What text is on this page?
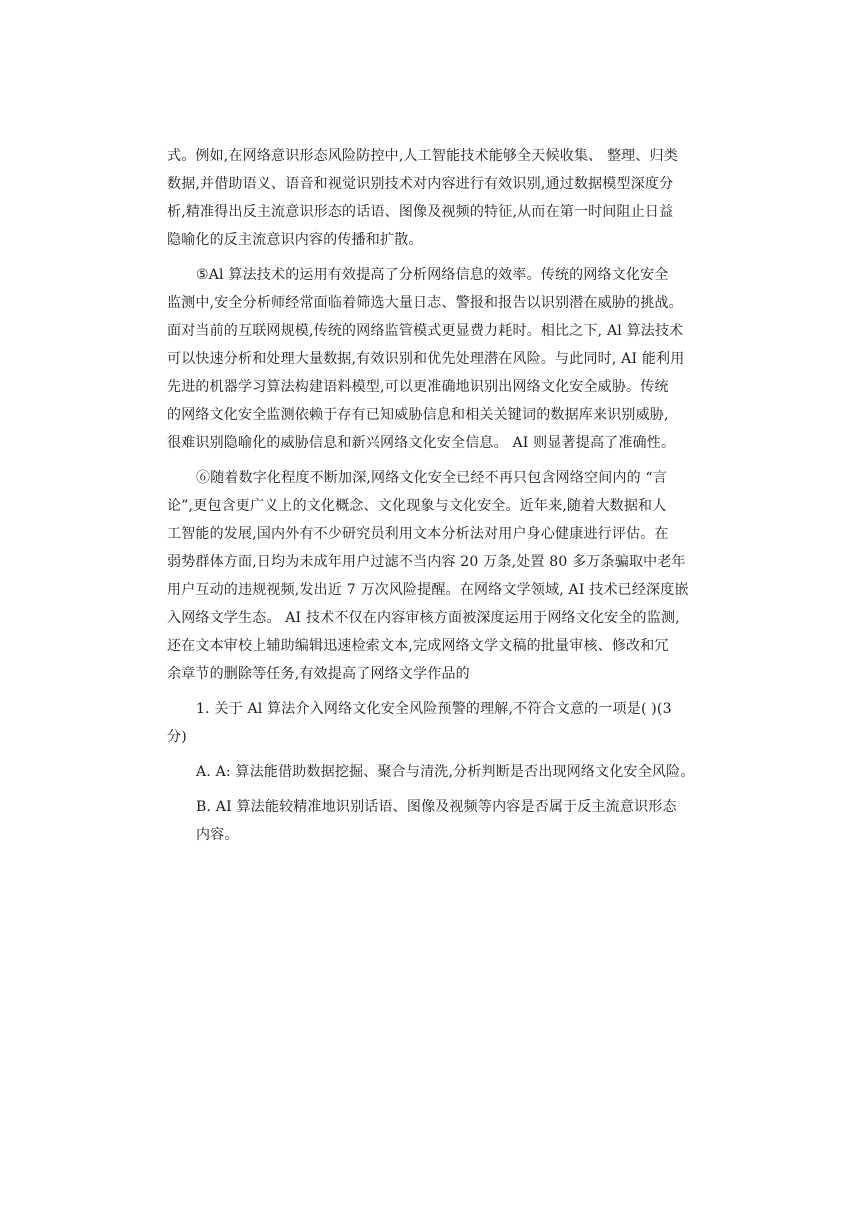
式。例如,在网络意识形态风险防控中,人工智能技术能够全天候收集、 整理、归类
数据,并借助语义、语音和视觉识别技术对内容进行有效识别,通过数据模型深度分
析,精准得出反主流意识形态的话语、图像及视频的特征,从而在第一时间阻止日益
隐喻化的反主流意识内容的传播和扩散。
⑤Al 算法技术的运用有效提高了分析网络信息的效率。传统的网络文化安全
监测中,安全分析师经常面临着筛选大量日志、警报和报告以识别潜在威胁的挑战。
面对当前的互联网规模,传统的网络监管模式更显费力耗时。相比之下, Al 算法技术
可以快速分析和处理大量数据,有效识别和优先处理潜在风险。与此同时, AI 能利用
先进的机器学习算法构建语料模型,可以更准确地识别出网络文化安全威胁。传统
的网络文化安全监测依赖于存有已知威胁信息和相关关键词的数据库来识别威胁,
很难识别隐喻化的威胁信息和新兴网络文化安全信息。 AI 则显著提高了准确性。
⑥随着数字化程度不断加深,网络文化安全已经不再只包含网络空间内的 “言
论”,更包含更广义上的文化概念、文化现象与文化安全。近年来,随着大数据和人
工智能的发展,国内外有不少研究员利用文本分析法对用户身心健康进行评估。在
弱势群体方面,日均为未成年用户过滤不当内容 20 万条,处置 80 多万条骗取中老年
用户互动的违规视频,发出近 7 万次风险提醒。在网络文学领域, AI 技术已经深度嵌
入网络文学生态。 AI 技术不仅在内容审核方面被深度运用于网络文化安全的监测,
还在文本审校上辅助编辑迅速检索文本,完成网络文学文稿的批量审核、修改和冗
余章节的删除等任务,有效提高了网络文学作品的
1. 关于 Al 算法介入网络文化安全风险预警的理解,不符合文意的一项是( )(3
分)
A. A: 算法能借助数据挖掘、聚合与清洗,分析判断是否出现网络文化安全风险。
B. AI 算法能较精准地识别话语、图像及视频等内容是否属于反主流意识形态
内容。
